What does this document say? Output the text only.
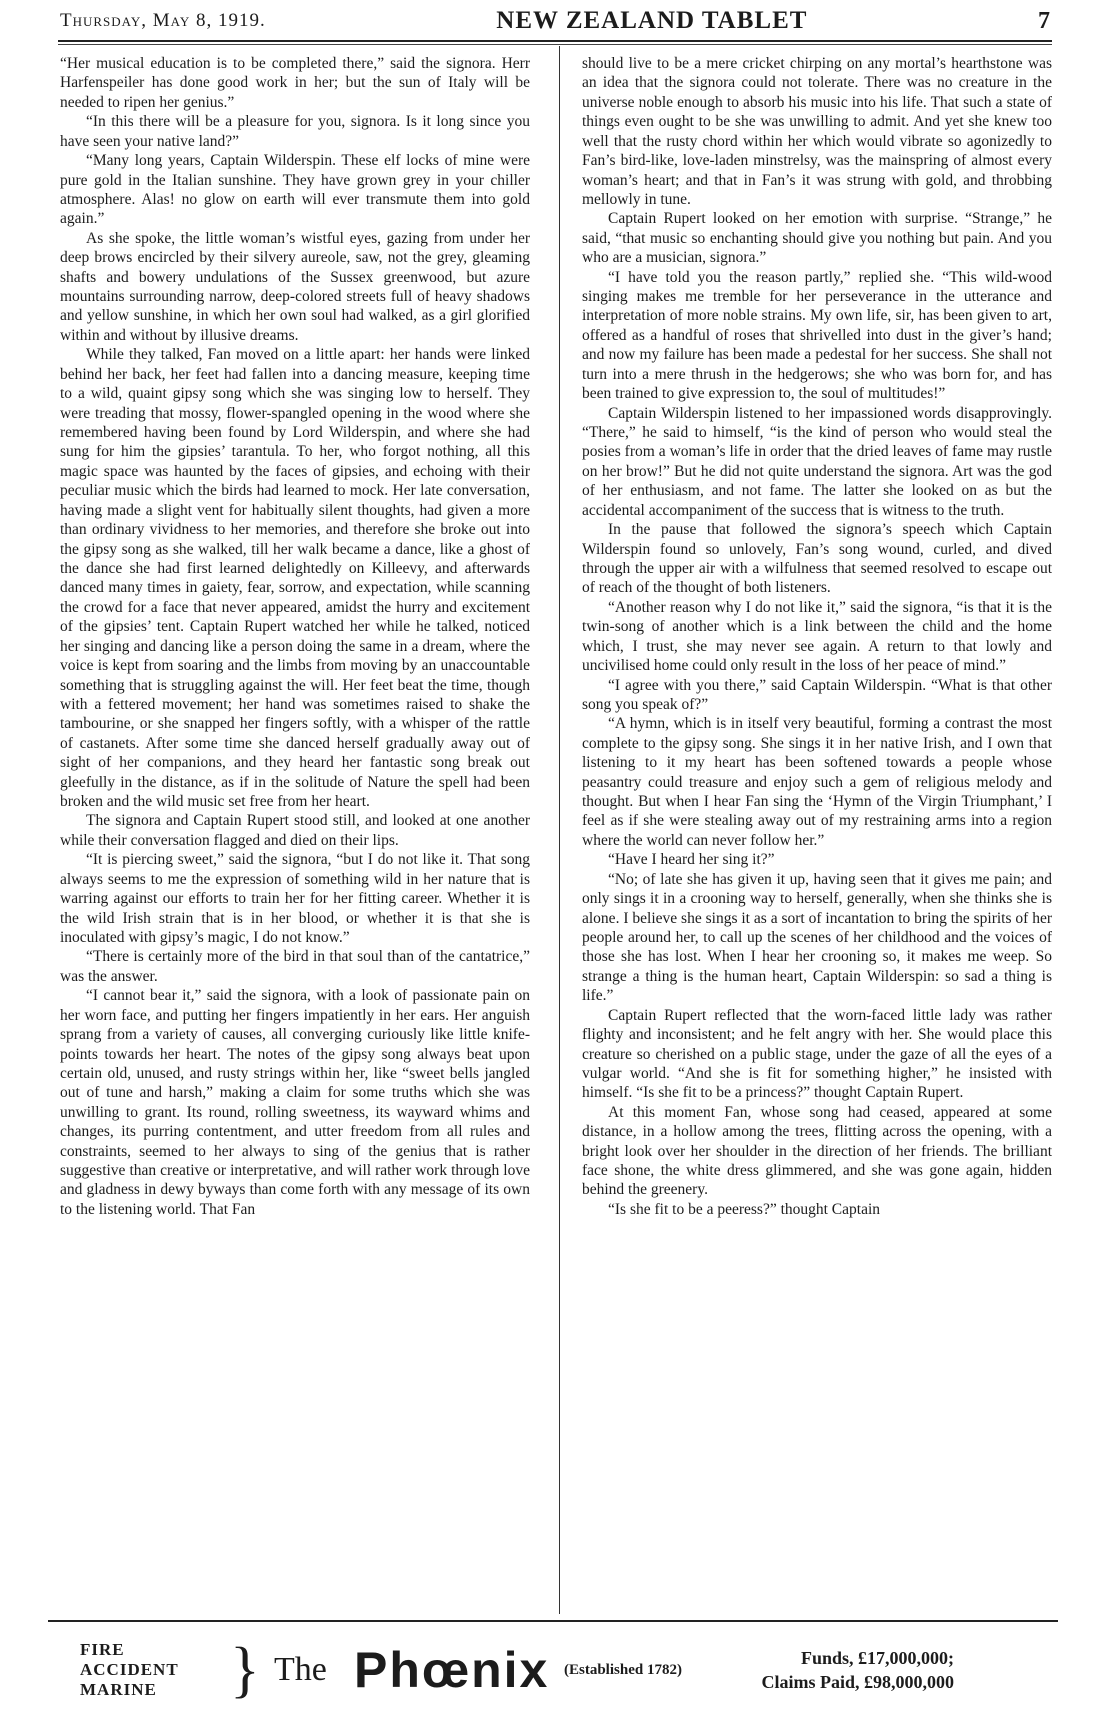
Thursday, May 8, 1919.	NEW ZEALAND TABLET	7

“Her musical education is to be completed there,” said the signora. Herr Harfenspeiler has done good work in her; but the sun of Italy will be needed to ripen her genius.”

“In this there will be a pleasure for you, signora. Is it long since you have seen your native land?”

“Many long years, Captain Wilderspin. These elf locks of mine were pure gold in the Italian sunshine. They have grown grey in your chiller atmosphere. Alas! no glow on earth will ever transmute them into gold again.”

As she spoke, the little woman’s wistful eyes, gazing from under her deep brows encircled by their silvery aureole, saw, not the grey, gleaming shafts and bowery undulations of the Sussex greenwood, but azure mountains surrounding narrow, deep-colored streets full of heavy shadows and yellow sunshine, in which her own soul had walked, as a girl glorified within and without by illusive dreams.

While they talked, Fan moved on a little apart: her hands were linked behind her back, her feet had fallen into a dancing measure, keeping time to a wild, quaint gipsy song which she was singing low to herself. They were treading that mossy, flower-spangled opening in the wood where she remembered having been found by Lord Wilderspin, and where she had sung for him the gipsies’ tarantula. To her, who forgot nothing, all this magic space was haunted by the faces of gipsies, and echoing with their peculiar music which the birds had learned to mock. Her late conversation, having made a slight vent for habitually silent thoughts, had given a more than ordinary vividness to her memories, and therefore she broke out into the gipsy song as she walked, till her walk became a dance, like a ghost of the dance she had first learned delightedly on Killeevy, and afterwards danced many times in gaiety, fear, sorrow, and expectation, while scanning the crowd for a face that never appeared, amidst the hurry and excitement of the gipsies’ tent. Captain Rupert watched her while he talked, noticed her singing and dancing like a person doing the same in a dream, where the voice is kept from soaring and the limbs from moving by an unaccountable something that is struggling against the will. Her feet beat the time, though with a fettered movement; her hand was sometimes raised to shake the tambourine, or she snapped her fingers softly, with a whisper of the rattle of castanets. After some time she danced herself gradually away out of sight of her companions, and they heard her fantastic song break out gleefully in the distance, as if in the solitude of Nature the spell had been broken and the wild music set free from her heart.

The signora and Captain Rupert stood still, and looked at one another while their conversation flagged and died on their lips.

“It is piercing sweet,” said the signora, “but I do not like it. That song always seems to me the expression of something wild in her nature that is warring against our efforts to train her for her fitting career. Whether it is the wild Irish strain that is in her blood, or whether it is that she is inoculated with gipsy’s magic, I do not know.”

“There is certainly more of the bird in that soul than of the cantatrice,” was the answer.

“I cannot bear it,” said the signora, with a look of passionate pain on her worn face, and putting her fingers impatiently in her ears. Her anguish sprang from a variety of causes, all converging curiously like little knife-points towards her heart. The notes of the gipsy song always beat upon certain old, unused, and rusty strings within her, like “sweet bells jangled out of tune and harsh,” making a claim for some truths which she was unwilling to grant. Its round, rolling sweetness, its wayward whims and changes, its purring contentment, and utter freedom from all rules and constraints, seemed to her always to sing of the genius that is rather suggestive than creative or interpretative, and will rather work through love and gladness in dewy byways than come forth with any message of its own to the listening world. That Fan

should live to be a mere cricket chirping on any mortal’s hearthstone was an idea that the signora could not tolerate. There was no creature in the universe noble enough to absorb his music into his life. That such a state of things even ought to be she was unwilling to admit. And yet she knew too well that the rusty chord within her which would vibrate so agonizedly to Fan’s bird-like, love-laden minstrelsy, was the mainspring of almost every woman’s heart; and that in Fan’s it was strung with gold, and throbbing mellowly in tune.

Captain Rupert looked on her emotion with surprise. “Strange,” he said, “that music so enchanting should give you nothing but pain. And you who are a musician, signora.”

“I have told you the reason partly,” replied she. “This wild-wood singing makes me tremble for her perseverance in the utterance and interpretation of more noble strains. My own life, sir, has been given to art, offered as a handful of roses that shrivelled into dust in the giver’s hand; and now my failure has been made a pedestal for her success. She shall not turn into a mere thrush in the hedgerows; she who was born for, and has been trained to give expression to, the soul of multitudes!”

Captain Wilderspin listened to her impassioned words disapprovingly. “There,” he said to himself, “is the kind of person who would steal the posies from a woman’s life in order that the dried leaves of fame may rustle on her brow!” But he did not quite understand the signora. Art was the god of her enthusiasm, and not fame. The latter she looked on as but the accidental accompaniment of the success that is witness to the truth.

In the pause that followed the signora’s speech which Captain Wilderspin found so unlovely, Fan’s song wound, curled, and dived through the upper air with a wilfulness that seemed resolved to escape out of reach of the thought of both listeners.

“Another reason why I do not like it,” said the signora, “is that it is the twin-song of another which is a link between the child and the home which, I trust, she may never see again. A return to that lowly and uncivilised home could only result in the loss of her peace of mind.”

“I agree with you there,” said Captain Wilderspin. “What is that other song you speak of?”

“A hymn, which is in itself very beautiful, forming a contrast the most complete to the gipsy song. She sings it in her native Irish, and I own that listening to it my heart has been softened towards a people whose peasantry could treasure and enjoy such a gem of religious melody and thought. But when I hear Fan sing the ‘Hymn of the Virgin Triumphant,’ I feel as if she were stealing away out of my restraining arms into a region where the world can never follow her.”

“Have I heard her sing it?”

“No; of late she has given it up, having seen that it gives me pain; and only sings it in a crooning way to herself, generally, when she thinks she is alone. I believe she sings it as a sort of incantation to bring the spirits of her people around her, to call up the scenes of her childhood and the voices of those she has lost. When I hear her crooning so, it makes me weep. So strange a thing is the human heart, Captain Wilderspin: so sad a thing is life.”

Captain Rupert reflected that the worn-faced little lady was rather flighty and inconsistent; and he felt angry with her. She would place this creature so cherished on a public stage, under the gaze of all the eyes of a vulgar world. “And she is fit for something higher,” he insisted with himself. “Is she fit to be a princess?” thought Captain Rupert.

At this moment Fan, whose song had ceased, appeared at some distance, in a hollow among the trees, flitting across the opening, with a bright look over her shoulder in the direction of her friends. The brilliant face shone, the white dress glimmered, and she was gone again, hidden behind the greenery.

“Is she fit to be a peeress?” thought Captain

FIRE
ACCIDENT
MARINE	} The Phœnix (Established 1782)
Funds, £17,000,000;
Claims Paid, £98,000,000
